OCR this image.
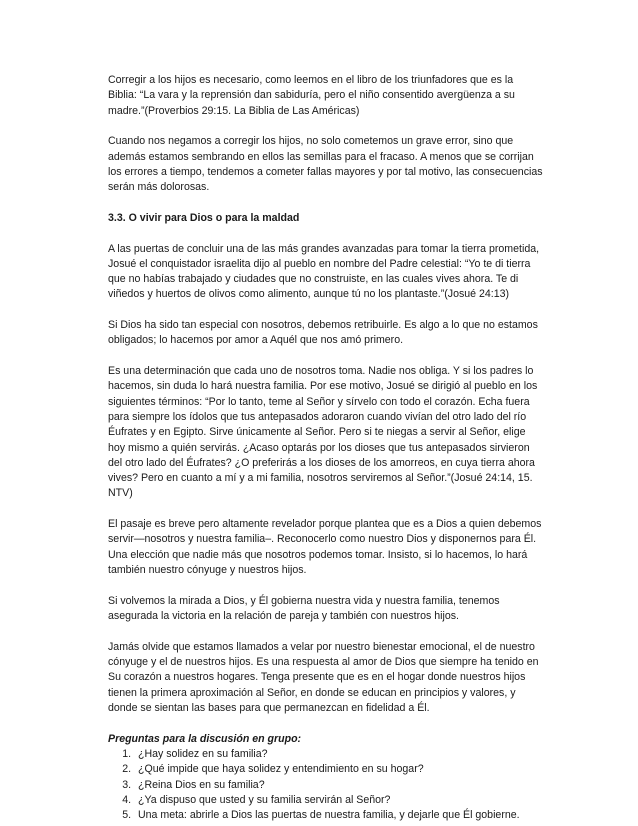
Corregir a los hijos es necesario, como leemos en el libro de los triunfadores que es la Biblia: “La vara y la reprensión dan sabiduría, pero el niño consentido avergüenza a su madre.”(Proverbios 29:15. La Biblia de Las Américas)

Cuando nos negamos a corregir los hijos, no solo cometemos un grave error, sino que además estamos sembrando en ellos las semillas para el fracaso. A menos que se corrijan los errores a tiempo, tendemos a cometer fallas mayores y por tal motivo, las consecuencias serán más dolorosas.

3.3. O vivir para Dios o para la maldad

A las puertas de concluir una de las más grandes avanzadas para tomar la tierra prometida, Josué el conquistador israelita dijo al pueblo en nombre del Padre celestial: “Yo te di tierra que no habías trabajado y ciudades que no construiste, en las cuales vives ahora. Te di viñedos y huertos de olivos como alimento, aunque tú no los plantaste.”(Josué 24:13)

Si Dios ha sido tan especial con nosotros, debemos retribuirle. Es algo a lo que no estamos obligados; lo hacemos por amor a Aquél que nos amó primero.

Es una determinación que cada uno de nosotros toma. Nadie nos obliga. Y si los padres lo hacemos, sin duda lo hará nuestra familia. Por ese motivo, Josué se dirigió al pueblo en los siguientes términos: “Por lo tanto, teme al Señor y sírvelo con todo el corazón. Echa fuera para siempre los ídolos que tus antepasados adoraron cuando vivían del otro lado del río Éufrates y en Egipto. Sirve únicamente al Señor. Pero si te niegas a servir al Señor, elige hoy mismo a quién servirás. ¿Acaso optarás por los dioses que tus antepasados sirvieron del otro lado del Éufrates? ¿O preferirás a los dioses de los amorreos, en cuya tierra ahora vives? Pero en cuanto a mí y a mi familia, nosotros serviremos al Señor.”(Josué 24:14, 15. NTV)

El pasaje es breve pero altamente revelador porque plantea que es a Dios a quien debemos servir—nosotros y nuestra familia–. Reconocerlo como nuestro Dios y disponernos para Él. Una elección que nadie más que nosotros podemos tomar. Insisto, si lo hacemos, lo hará también nuestro cónyuge y nuestros hijos.

Si volvemos la mirada a Dios, y Él gobierna nuestra vida y nuestra familia, tenemos asegurada la victoria en la relación de pareja y también con nuestros hijos.

Jamás olvide que estamos llamados a velar por nuestro bienestar emocional, el de nuestro cónyuge y el de nuestros hijos. Es una respuesta al amor de Dios que siempre ha tenido en Su corazón a nuestros hogares. Tenga presente que es en el hogar donde nuestros hijos tienen la primera aproximación al Señor, en donde se educan en principios y valores, y donde se sientan las bases para que permanezcan en fidelidad a Él.

Preguntas para la discusión en grupo:
1. ¿Hay solidez en su familia?
2. ¿Qué impide que haya solidez y entendimiento en su hogar?
3. ¿Reina Dios en su familia?
4. ¿Ya dispuso que usted y su familia servirán al Señor?
5. Una meta: abrirle a Dios las puertas de nuestra familia, y dejarle que Él gobierne.
